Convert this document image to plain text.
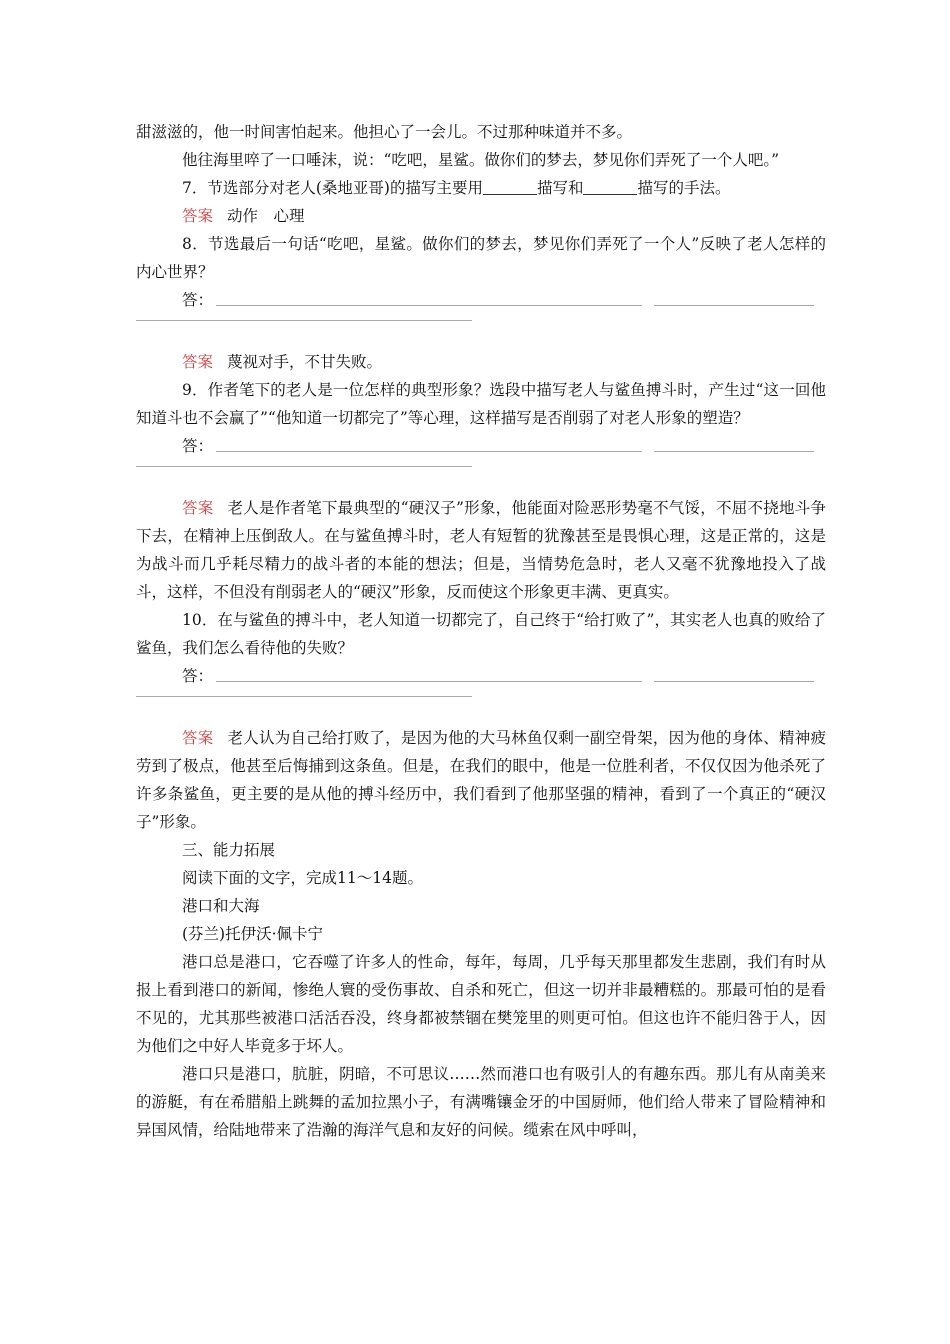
甜滋滋的，他一时间害怕起来。他担心了一会儿。不过那种味道并不多。

他往海里啐了一口唾沫，说：“吃吧，星鲨。做你们的梦去，梦见你们弄死了一个人吧。”

7．节选部分对老人(桑地亚哥)的描写主要用	描写和	描写的手法。

答案 动作　心理

8．节选最后一句话“吃吧，星鲨。做你们的梦去，梦见你们弄死了一个人”反映了老人怎样的内心世界？

答：

答案 蔑视对手，不甘失败。

9．作者笔下的老人是一位怎样的典型形象？选段中描写老人与鲨鱼搏斗时，产生过“这一回他知道斗也不会赢了”“他知道一切都完了”等心理，这样描写是否削弱了对老人形象的塑造？

答：

答案 老人是作者笔下最典型的“硬汉子”形象，他能面对险恶形势毫不气馁，不屈不挠地斗争下去，在精神上压倒敌人。在与鲨鱼搏斗时，老人有短暂的犹豫甚至是畏惧心理，这是正常的，这是为战斗而几乎耗尽精力的战斗者的本能的想法；但是，当情势危急时，老人又毫不犹豫地投入了战斗，这样，不但没有削弱老人的“硬汉”形象，反而使这个形象更丰满、更真实。

10．在与鲨鱼的搏斗中，老人知道一切都完了，自己终于“给打败了”，其实老人也真的败给了鲨鱼，我们怎么看待他的失败？

答：

答案 老人认为自己给打败了，是因为他的大马林鱼仅剩一副空骨架，因为他的身体、精神疲劳到了极点，他甚至后悔捕到这条鱼。但是，在我们的眼中，他是一位胜利者，不仅仅因为他杀死了许多条鲨鱼，更主要的是从他的搏斗经历中，我们看到了他那坚强的精神，看到了一个真正的“硬汉子”形象。

三、能力拓展

阅读下面的文字，完成11～14题。

港口和大海

(芬兰)托伊沃·佩卡宁

港口总是港口，它吞噬了许多人的性命，每年，每周，几乎每天那里都发生悲剧，我们有时从报上看到港口的新闻，惨绝人寰的受伤事故、自杀和死亡，但这一切并非最糟糕的。那最可怕的是看不见的，尤其那些被港口活活吞没，终身都被禁锢在樊笼里的则更可怕。但这也许不能归咎于人，因为他们之中好人毕竟多于坏人。

港口只是港口，肮脏，阴暗，不可思议……然而港口也有吸引人的有趣东西。那儿有从南美来的游艇，有在希腊船上跳舞的孟加拉黑小子，有满嘴镶金牙的中国厨师，他们给人带来了冒险精神和异国风情，给陆地带来了浩瀚的海洋气息和友好的问候。缆索在风中呼叫，
